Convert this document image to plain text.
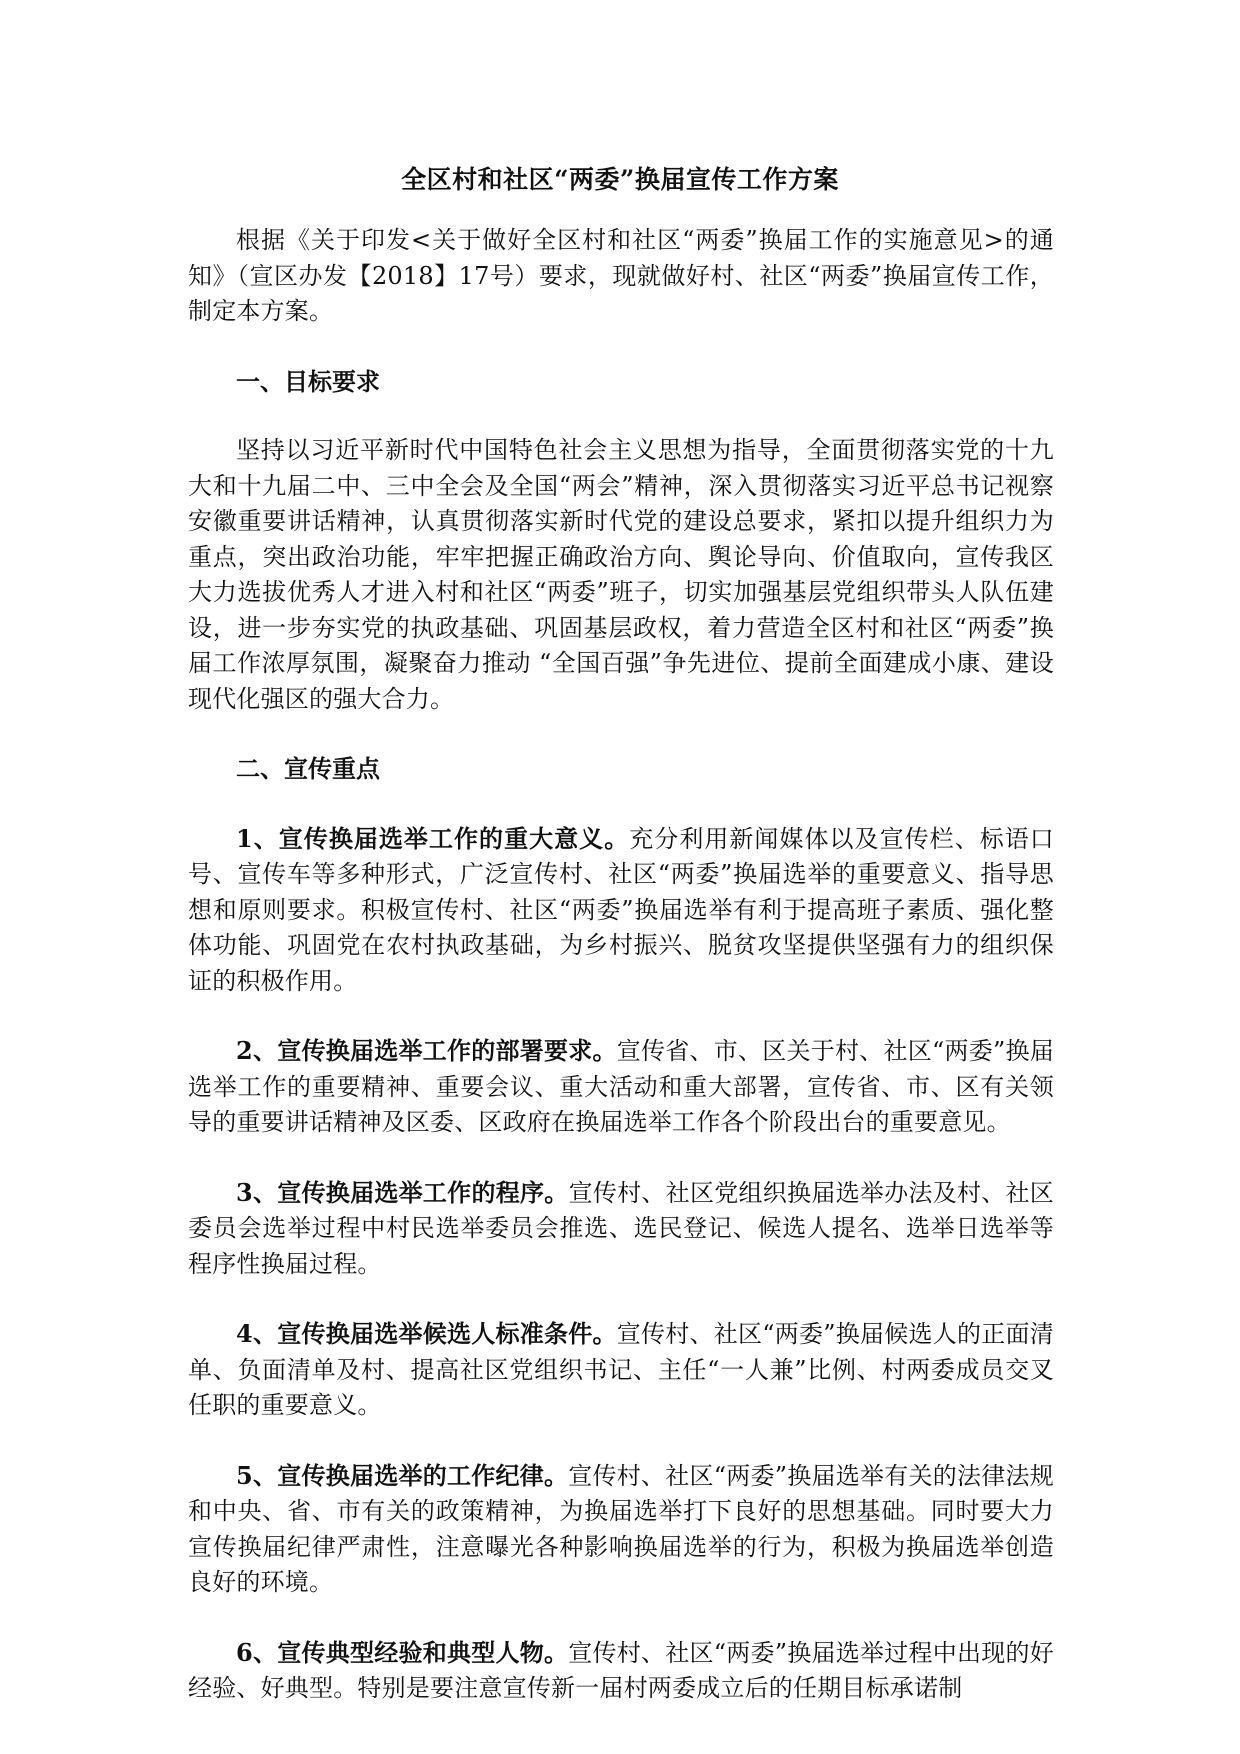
全区村和社区“两委”换届宣传工作方案

根据《关于印发<关于做好全区村和社区“两委”换届工作的实施意见>的通知》（宣区办发【2018】17号）要求，现就做好村、社区“两委”换届宣传工作，制定本方案。

一、目标要求

坚持以习近平新时代中国特色社会主义思想为指导，全面贯彻落实党的十九大和十九届二中、三中全会及全国“两会”精神，深入贯彻落实习近平总书记视察安徽重要讲话精神，认真贯彻落实新时代党的建设总要求，紧扣以提升组织力为重点，突出政治功能，牢牢把握正确政治方向、舆论导向、价值取向，宣传我区大力选拔优秀人才进入村和社区“两委”班子，切实加强基层党组织带头人队伍建设，进一步夯实党的执政基础、巩固基层政权，着力营造全区村和社区“两委”换届工作浓厚氛围，凝聚奋力推动 “全国百强”争先进位、提前全面建成小康、建设现代化强区的强大合力。

二、宣传重点

1、宣传换届选举工作的重大意义。充分利用新闻媒体以及宣传栏、标语口号、宣传车等多种形式，广泛宣传村、社区“两委”换届选举的重要意义、指导思想和原则要求。积极宣传村、社区“两委”换届选举有利于提高班子素质、强化整体功能、巩固党在农村执政基础，为乡村振兴、脱贫攻坚提供坚强有力的组织保证的积极作用。

2、宣传换届选举工作的部署要求。宣传省、市、区关于村、社区“两委”换届选举工作的重要精神、重要会议、重大活动和重大部署，宣传省、市、区有关领导的重要讲话精神及区委、区政府在换届选举工作各个阶段出台的重要意见。

3、宣传换届选举工作的程序。宣传村、社区党组织换届选举办法及村、社区委员会选举过程中村民选举委员会推选、选民登记、候选人提名、选举日选举等程序性换届过程。

4、宣传换届选举候选人标准条件。宣传村、社区“两委”换届候选人的正面清单、负面清单及村、提高社区党组织书记、主任“一人兼”比例、村两委成员交叉任职的重要意义。

5、宣传换届选举的工作纪律。宣传村、社区“两委”换届选举有关的法律法规和中央、省、市有关的政策精神，为换届选举打下良好的思想基础。同时要大力宣传换届纪律严肃性，注意曝光各种影响换届选举的行为，积极为换届选举创造良好的环境。

6、宣传典型经验和典型人物。宣传村、社区“两委”换届选举过程中出现的好经验、好典型。特别是要注意宣传新一届村两委成立后的任期目标承诺制
